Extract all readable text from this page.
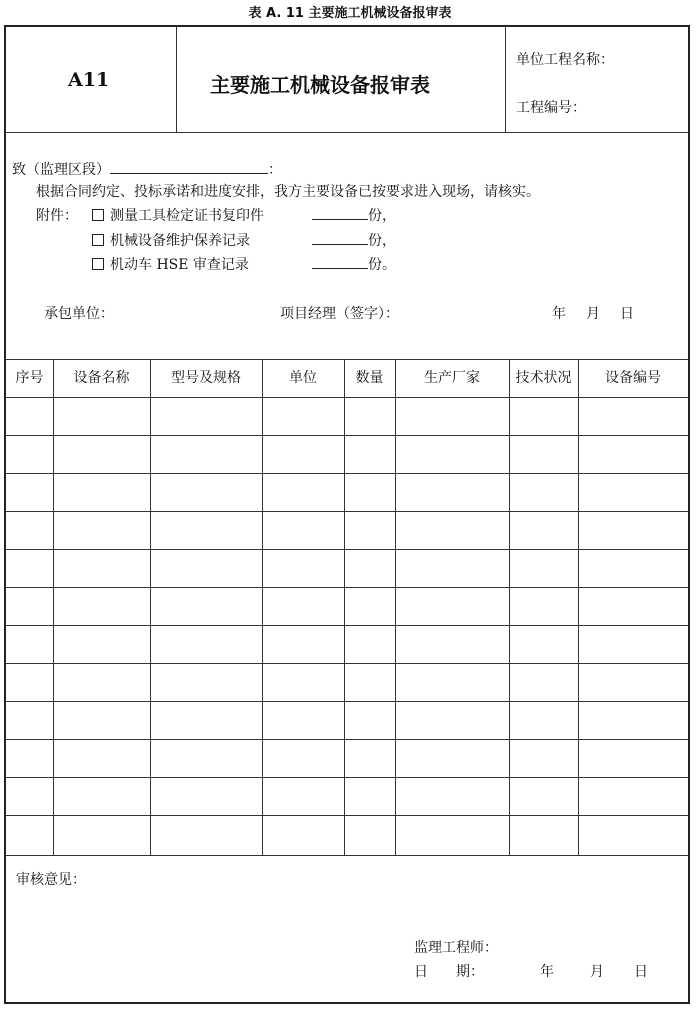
表 A. 11 主要施工机械设备报审表
A11	主要施工机械设备报审表
单位工程名称：
工程编号：
致（监理区段）	：
根据合同约定、投标承诺和进度安排，我方主要设备已按要求进入现场，请核实。
附件：	测量工具检定证书复印件	份，
机械设备维护保养记录	份，
机动车 HSE 审查记录	份。
承包单位：	项目经理（签字）：	年 月 日
序号	设备名称	型号及规格	单位	数量	生产厂家	技术状况	设备编号
审核意见：
监理工程师：
日　　期：	年	月 日
